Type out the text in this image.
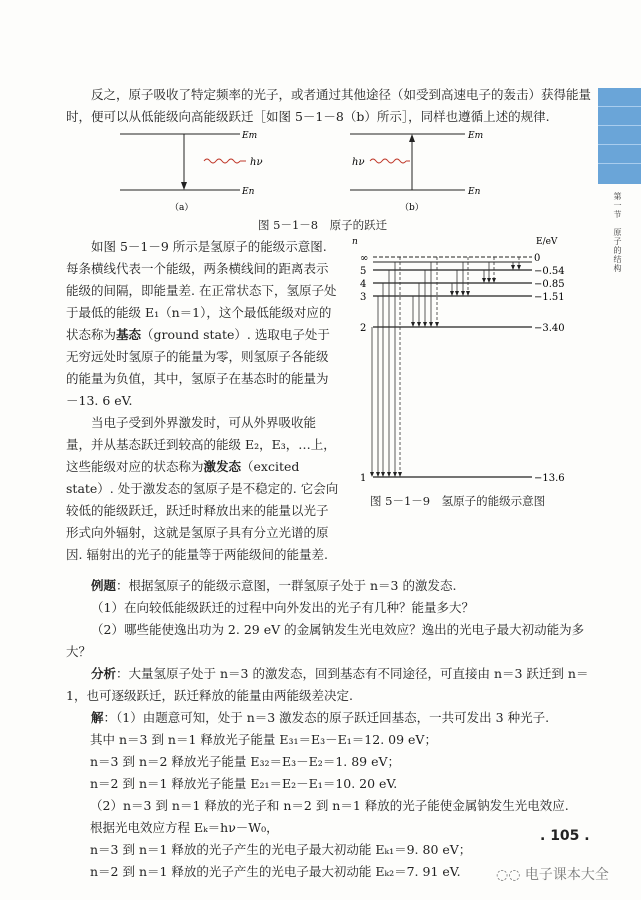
反之，原子吸收了特定频率的光子，或者通过其他途径（如受到高速电子的轰击）获得能量时，便可以从低能级向高能级跃迁［如图 5－1－8（b）所示］，同样也遵循上述的规律.

hν
Em
En
（a）
hν
Em
En
（b）
图 5－1－8　原子的跃迁

如图 5－1－9 所示是氢原子的能级示意图. 每条横线代表一个能级，两条横线间的距离表示能级的间隔，即能量差. 在正常状态下，氢原子处于最低的能级 E₁（n＝1），这个最低能级对应的状态称为基态（ground state）. 选取电子处于无穷远处时氢原子的能量为零，则氢原子各能级的能量为负值，其中，氢原子在基态时的能量为 －13. 6 eV.

当电子受到外界激发时，可从外界吸收能量，并从基态跃迁到较高的能级 E₂，E₃，…上，这些能级对应的状态称为激发态（excited state）. 处于激发态的氢原子是不稳定的. 它会向较低的能级跃迁，跃迁时释放出来的能量以光子形式向外辐射，这就是氢原子具有分立光谱的原因. 辐射出的光子的能量等于两能级间的能量差.

例题：根据氢原子的能级示意图，一群氢原子处于 n＝3 的激发态.

（1）在向较低能级跃迁的过程中向外发出的光子有几种？能量多大？

（2）哪些能使逸出功为 2. 29 eV 的金属钠发生光电效应？逸出的光电子最大初动能为多大？

分析：大量氢原子处于 n＝3 的激发态，回到基态有不同途径，可直接由 n＝3 跃迁到 n＝1，也可逐级跃迁，跃迁释放的能量由两能级差决定.

解：（1）由题意可知，处于 n＝3 激发态的原子跃迁回基态，一共可发出 3 种光子.

其中 n＝3 到 n＝1 释放光子能量 E₃₁＝E₃－E₁＝12. 09 eV；
n＝3 到 n＝2 释放光子能量 E₃₂＝E₃－E₂＝1. 89 eV；
n＝2 到 n＝1 释放光子能量 E₂₁＝E₂－E₁＝10. 20 eV.
（2）n＝3 到 n＝1 释放的光子和 n＝2 到 n＝1 释放的光子能使金属钠发生光电效应.
根据光电效应方程 Eₖ＝hν－W₀，
n＝3 到 n＝1 释放的光子产生的光电子最大初动能 Eₖ₁＝9. 80 eV；
n＝2 到 n＝1 释放的光子产生的光电子最大初动能 Eₖ₂＝7. 91 eV.
n	E/eV
∞	0
5	−0.54
4	−0.85
3	−1.51
2	−3.40
1	−13.6
图 5－1－9　氢原子的能级示意图
第一节　原子的结构
. 105 .
◌◌ 电子课本大全
